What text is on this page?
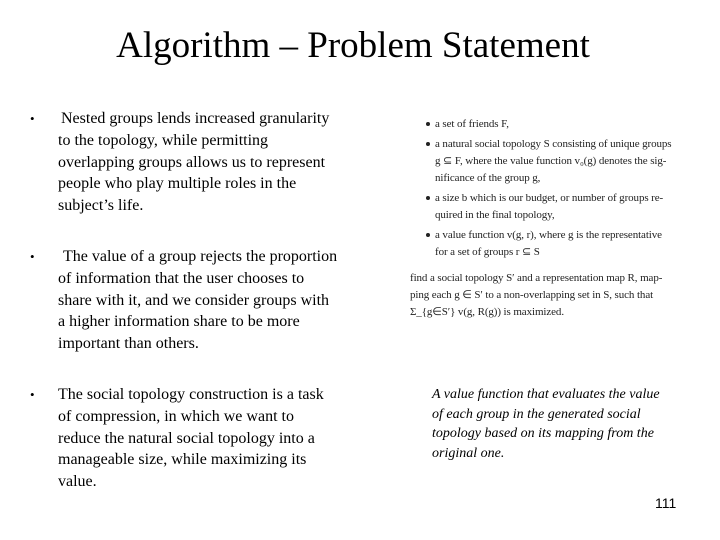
Algorithm – Problem Statement
• Nested groups lends increased granularity
to the topology, while permitting
overlapping groups allows us to represent
people who play multiple roles in the
subject’s life.
•	The value of a group rejects the proportion
of information that the user chooses to
share with it, and we consider groups with
a higher information share to be more
important than others.
• The social topology construction is a task
of compression, in which we want to
reduce the natural social topology into a
manageable size, while maximizing its
value.
a set of friends F,
a natural social topology S consisting of unique groups
g ⊆ F, where the value function v₀(g) denotes the sig-
nificance of the group g,
a size b which is our budget, or number of groups re-
quired in the final topology,
a value function v(g, r), where g is the representative
for a set of groups r ⊆ S
find a social topology S′ and a representation map R, map-
ping each g ∈ S′ to a non-overlapping set in S, such that
Σ_{g∈S′} v(g, R(g)) is maximized.
A value function that evaluates the value
of each group in the generated social
topology based on its mapping from the
original one.
111
